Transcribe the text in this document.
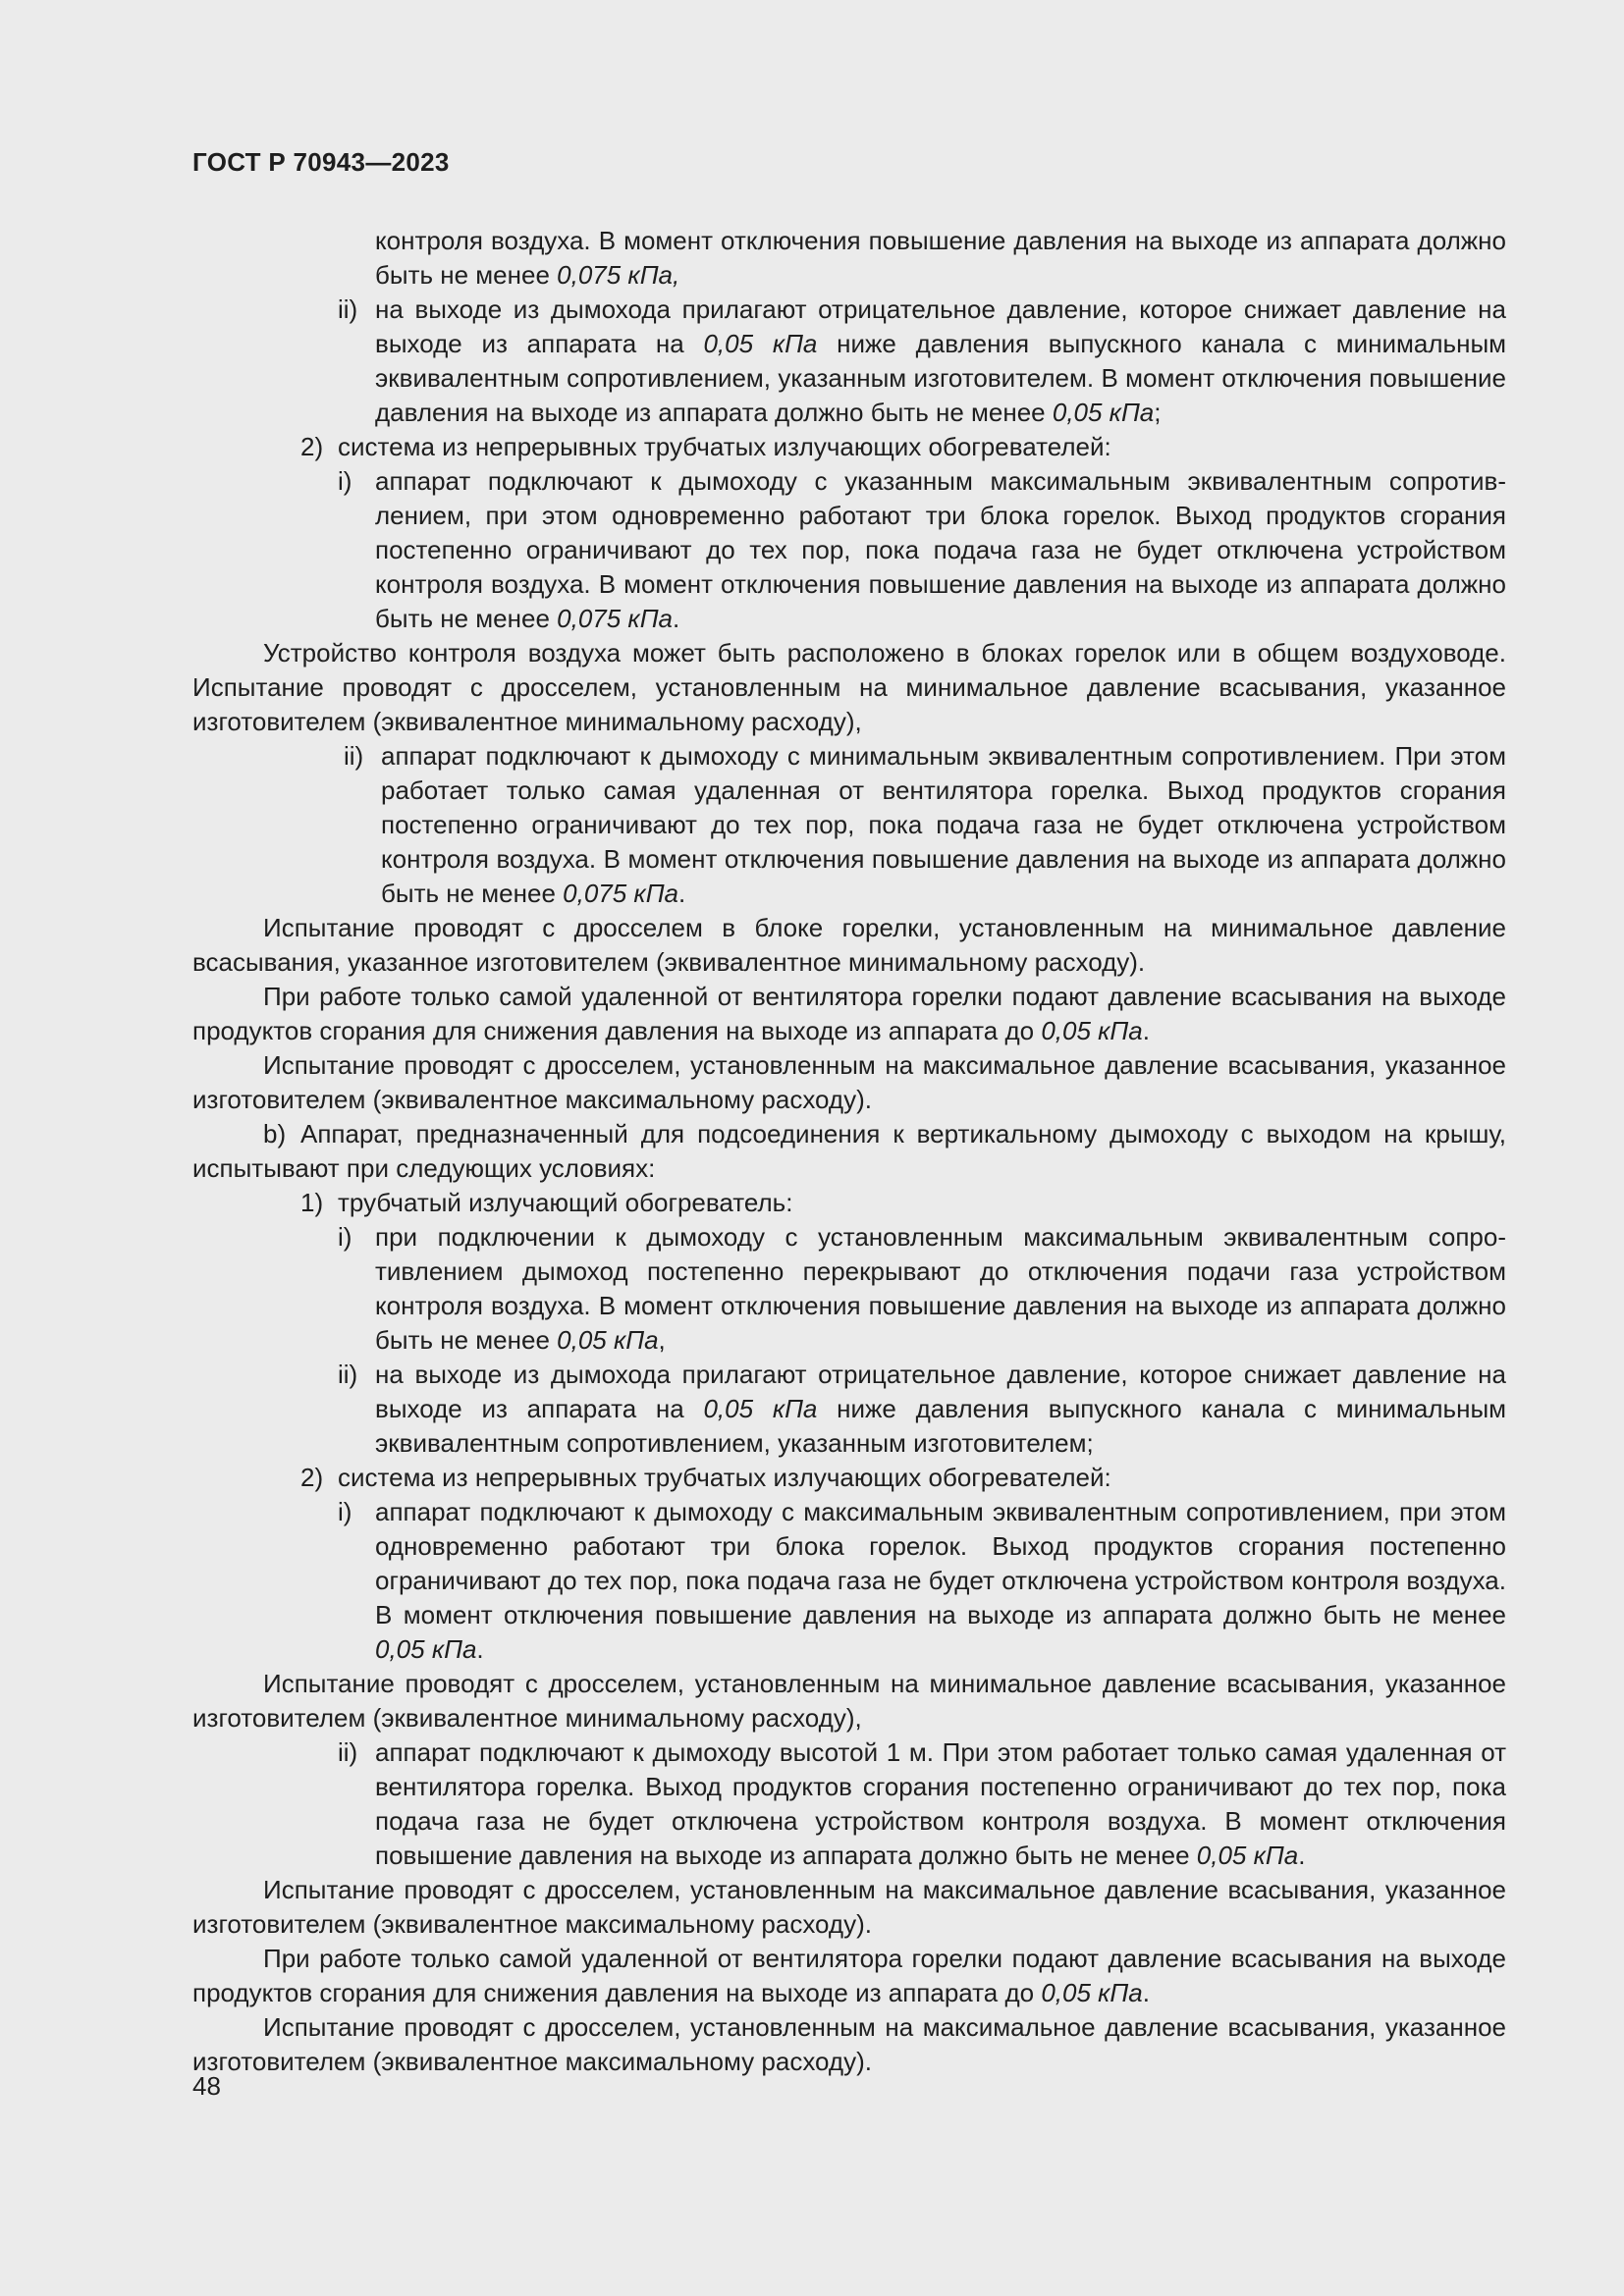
ГОСТ Р 70943—2023

контроля воздуха. В момент отключения повышение давления на выходе из аппарата должно быть не менее 0,075 кПа,

ii) на выходе из дымохода прилагают отрицательное давление, которое снижает давление на выходе из аппарата на 0,05 кПа ниже давления выпускного канала с минимальным эквивалентным сопротивлением, указанным изготовителем. В момент отключения повышение давления на выходе из аппарата должно быть не менее 0,05 кПа;

2) система из непрерывных трубчатых излучающих обогревателей:

i) аппарат подключают к дымоходу с указанным максимальным эквивалентным сопротивлением, при этом одновременно работают три блока горелок. Выход продуктов сгорания постепенно ограничивают до тех пор, пока подача газа не будет отключена устройством контроля воздуха. В момент отключения повышение давления на выходе из аппарата должно быть не менее 0,075 кПа.

Устройство контроля воздуха может быть расположено в блоках горелок или в общем воздуховоде. Испытание проводят с дросселем, установленным на минимальное давление всасывания, указанное изготовителем (эквивалентное минимальному расходу),

ii) аппарат подключают к дымоходу с минимальным эквивалентным сопротивлением. При этом работает только самая удаленная от вентилятора горелка. Выход продуктов сгорания постепенно ограничивают до тех пор, пока подача газа не будет отключена устройством контроля воздуха. В момент отключения повышение давления на выходе из аппарата должно быть не менее 0,075 кПа.

Испытание проводят с дросселем в блоке горелки, установленным на минимальное давление всасывания, указанное изготовителем (эквивалентное минимальному расходу).

При работе только самой удаленной от вентилятора горелки подают давление всасывания на выходе продуктов сгорания для снижения давления на выходе из аппарата до 0,05 кПа.

Испытание проводят с дросселем, установленным на максимальное давление всасывания, указанное изготовителем (эквивалентное максимальному расходу).

b) Аппарат, предназначенный для подсоединения к вертикальному дымоходу с выходом на крышу, испытывают при следующих условиях:

1) трубчатый излучающий обогреватель:

i) при подключении к дымоходу с установленным максимальным эквивалентным сопротивлением дымоход постепенно перекрывают до отключения подачи газа устройством контроля воздуха. В момент отключения повышение давления на выходе из аппарата должно быть не менее 0,05 кПа,

ii) на выходе из дымохода прилагают отрицательное давление, которое снижает давление на выходе из аппарата на 0,05 кПа ниже давления выпускного канала с минимальным эквивалентным сопротивлением, указанным изготовителем;

2) система из непрерывных трубчатых излучающих обогревателей:

i) аппарат подключают к дымоходу с максимальным эквивалентным сопротивлением, при этом одновременно работают три блока горелок. Выход продуктов сгорания постепенно ограничивают до тех пор, пока подача газа не будет отключена устройством контроля воздуха. В момент отключения повышение давления на выходе из аппарата должно быть не менее 0,05 кПа.

Испытание проводят с дросселем, установленным на минимальное давление всасывания, указанное изготовителем (эквивалентное минимальному расходу),

ii) аппарат подключают к дымоходу высотой 1 м. При этом работает только самая удаленная от вентилятора горелка. Выход продуктов сгорания постепенно ограничивают до тех пор, пока подача газа не будет отключена устройством контроля воздуха. В момент отключения повышение давления на выходе из аппарата должно быть не менее 0,05 кПа.

Испытание проводят с дросселем, установленным на максимальное давление всасывания, указанное изготовителем (эквивалентное максимальному расходу).

При работе только самой удаленной от вентилятора горелки подают давление всасывания на выходе продуктов сгорания для снижения давления на выходе из аппарата до 0,05 кПа.

Испытание проводят с дросселем, установленным на максимальное давление всасывания, указанное изготовителем (эквивалентное максимальному расходу).

48
